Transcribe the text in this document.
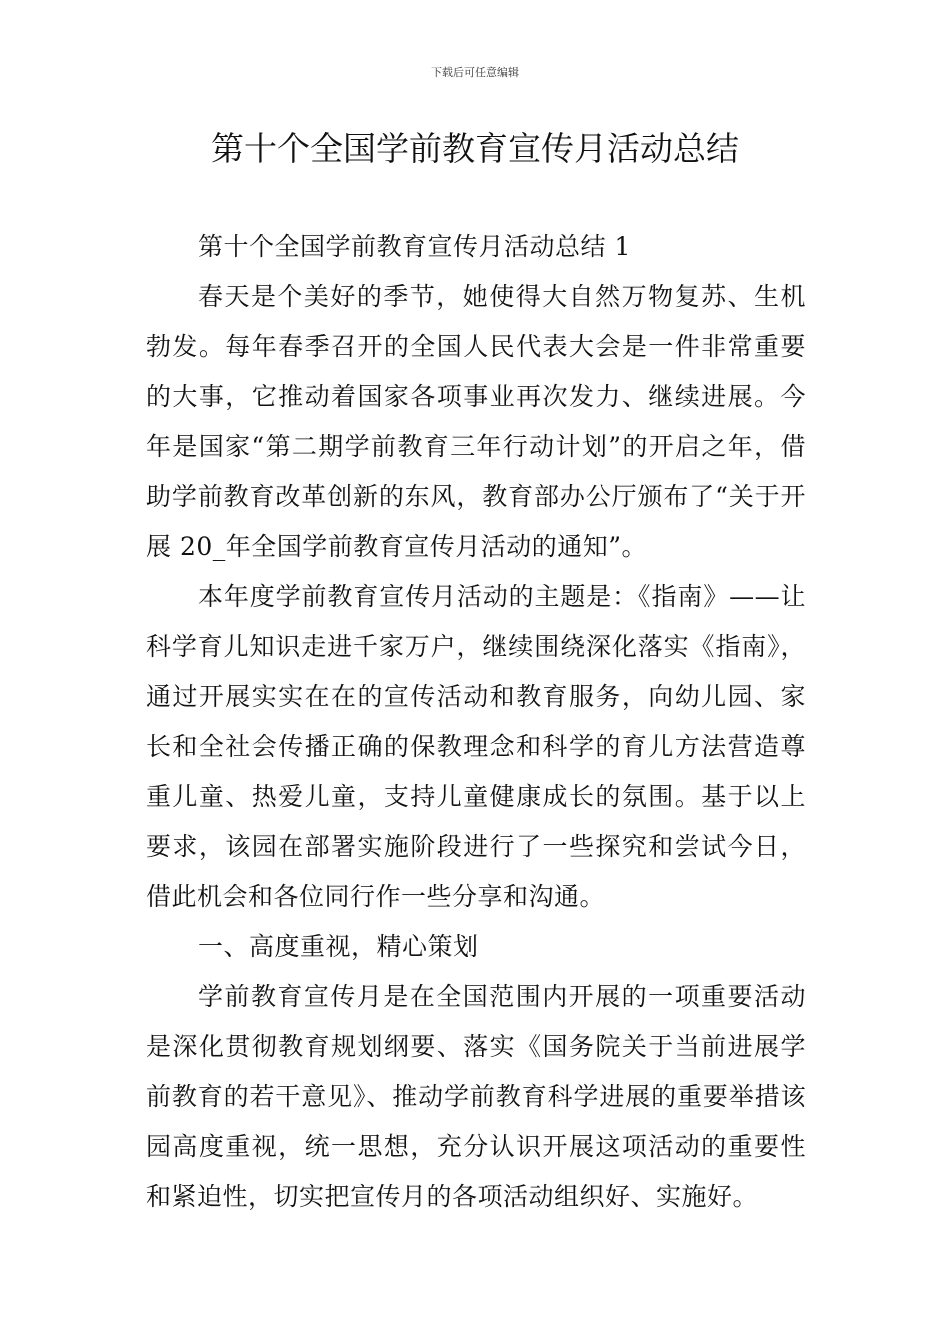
下载后可任意编辑
第十个全国学前教育宣传月活动总结

第十个全国学前教育宣传月活动总结 1

春天是个美好的季节，她使得大自然万物复苏、生机勃发。每年春季召开的全国人民代表大会是一件非常重要的大事，它推动着国家各项事业再次发力、继续进展。今年是国家“第二期学前教育三年行动计划”的开启之年，借助学前教育改革创新的东风，教育部办公厅颁布了“关于开展 20_年全国学前教育宣传月活动的通知”。

本年度学前教育宣传月活动的主题是：《指南》——让科学育儿知识走进千家万户，继续围绕深化落实《指南》，通过开展实实在在的宣传活动和教育服务，向幼儿园、家长和全社会传播正确的保教理念和科学的育儿方法营造尊重儿童、热爱儿童，支持儿童健康成长的氛围。基于以上要求，该园在部署实施阶段进行了一些探究和尝试今日，借此机会和各位同行作一些分享和沟通。

一、高度重视，精心策划

学前教育宣传月是在全国范围内开展的一项重要活动是深化贯彻教育规划纲要、落实《国务院关于当前进展学前教育的若干意见》、推动学前教育科学进展的重要举措该园高度重视，统一思想，充分认识开展这项活动的重要性和紧迫性，切实把宣传月的各项活动组织好、实施好。
